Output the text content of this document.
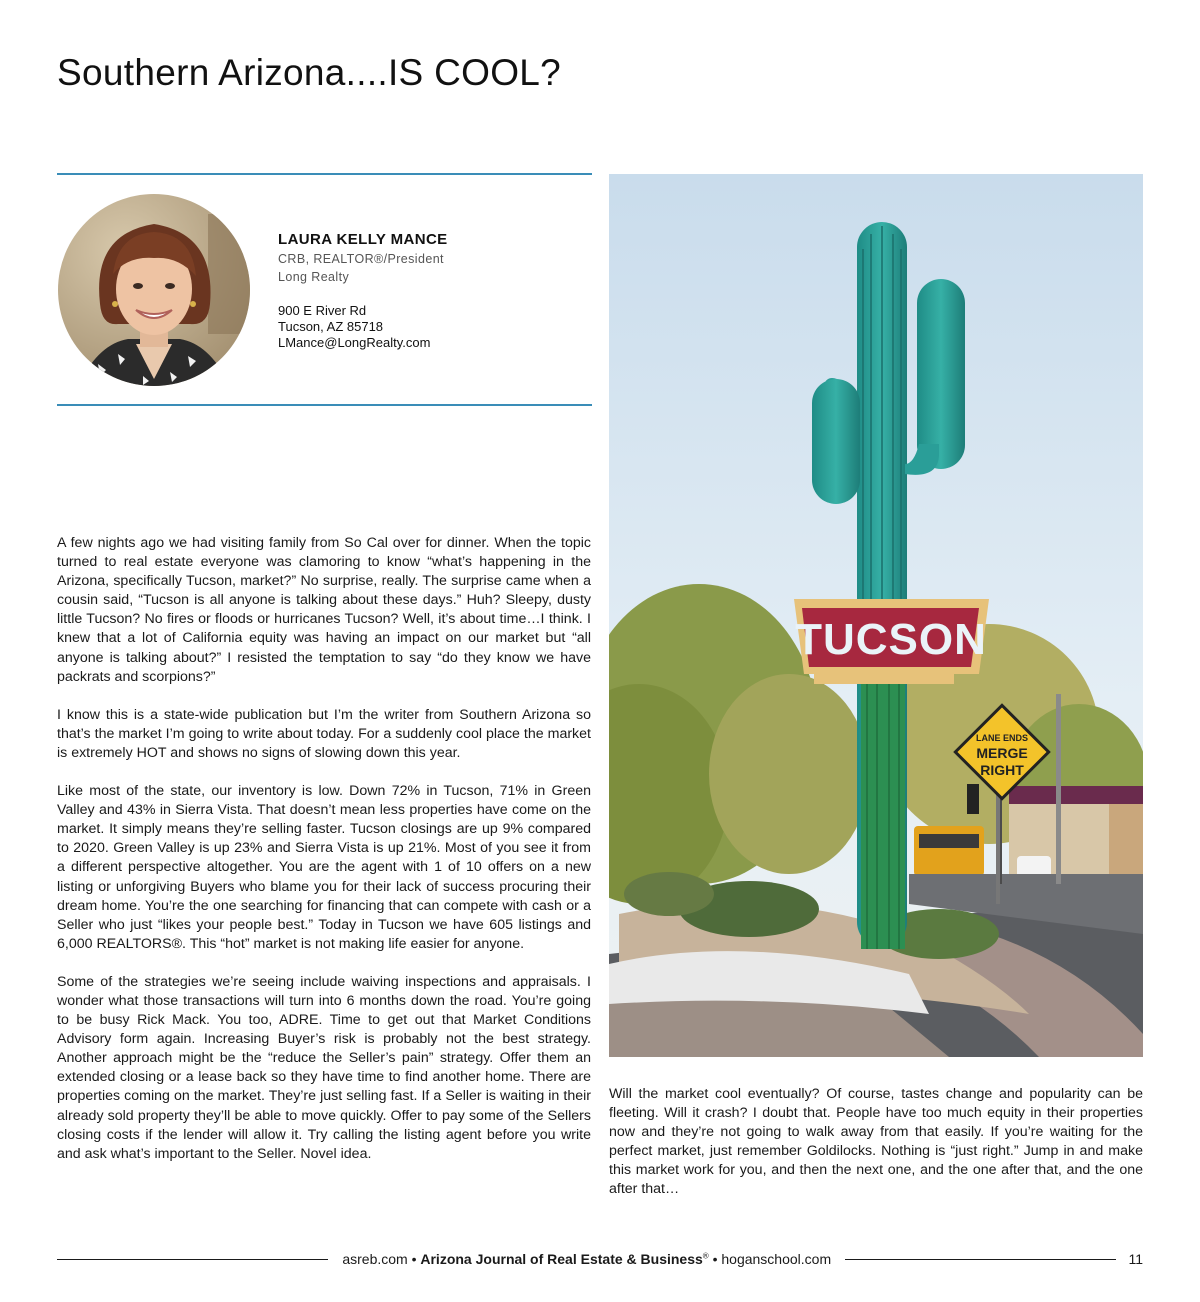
Southern Arizona....IS COOL?
LAURA KELLY MANCE
CRB, REALTOR®/President
Long Realty
900 E River Rd
Tucson, AZ 85718
LMance@LongRealty.com
LANE ENDS
MERGE
RIGHT
TUCSON

A few nights ago we had visiting family from So Cal over for dinner. When the topic turned to real estate everyone was clamoring to know “what’s happening in the Arizona, specifically Tucson, market?” No surprise, really. The surprise came when a cousin said, “Tucson is all anyone is talking about these days.” Huh? Sleepy, dusty little Tucson? No fires or floods or hurricanes Tucson? Well, it’s about time…I think. I knew that a lot of California equity was having an impact on our market but “all anyone is talking about?” I resisted the temptation to say “do they know we have packrats and scorpions?”

I know this is a state-wide publication but I’m the writer from Southern Arizona so that’s the market I’m going to write about today. For a suddenly cool place the market is extremely HOT and shows no signs of slowing down this year.

Like most of the state, our inventory is low. Down 72% in Tucson, 71% in Green Valley and 43% in Sierra Vista. That doesn’t mean less properties have come on the market. It simply means they’re selling faster. Tucson closings are up 9% compared to 2020. Green Valley is up 23% and Sierra Vista is up 21%. Most of you see it from a different perspective altogether. You are the agent with 1 of 10 offers on a new listing or unforgiving Buyers who blame you for their lack of success procuring their dream home. You’re the one searching for financing that can compete with cash or a Seller who just “likes your people best.” Today in Tucson we have 605 listings and 6,000 REALTORS®. This “hot” market is not making life easier for anyone.

Some of the strategies we’re seeing include waiving inspections and appraisals. I wonder what those transactions will turn into 6 months down the road. You’re going to be busy Rick Mack. You too, ADRE. Time to get out that Market Conditions Advisory form again. Increasing Buyer’s risk is probably not the best strategy. Another approach might be the “reduce the Seller’s pain” strategy. Offer them an extended closing or a lease back so they have time to find another home. There are properties coming on the market. They’re just selling fast. If a Seller is waiting in their already sold property they’ll be able to move quickly. Offer to pay some of the Sellers closing costs if the lender will allow it. Try calling the listing agent before you write and ask what’s important to the Seller. Novel idea.

Will the market cool eventually? Of course, tastes change and popularity can be fleeting. Will it crash? I doubt that. People have too much equity in their properties now and they’re not going to walk away from that easily. If you’re waiting for the perfect market, just remember Goldilocks. Nothing is “just right.” Jump in and make this market work for you, and then the next one, and the one after that, and the one after that…

asreb.com • Arizona Journal of Real Estate & Business® • hoganschool.com	11
